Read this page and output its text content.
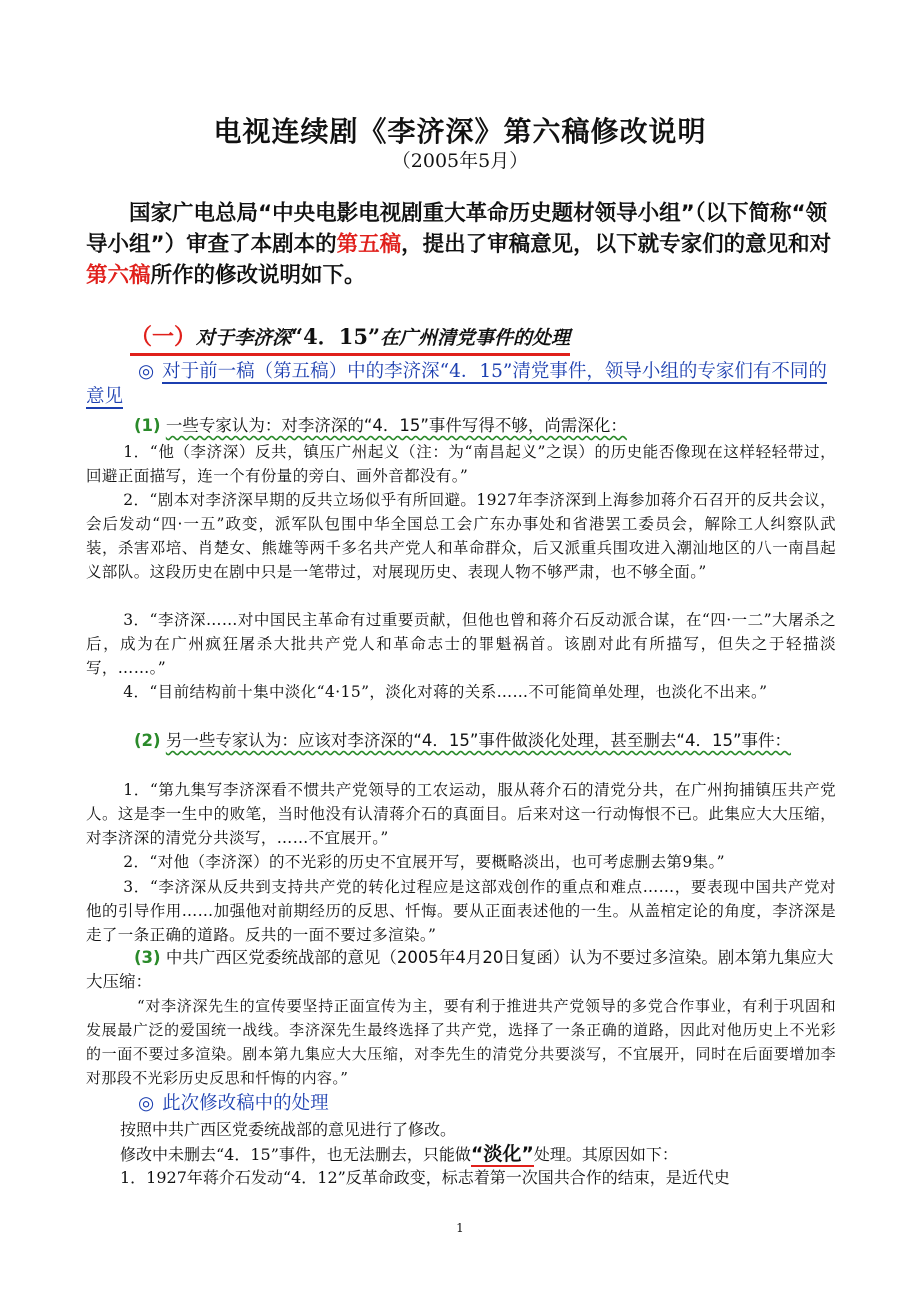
电视连续剧《李济深》第六稿修改说明
（2005年5月）
国家广电总局“中央电影电视剧重大革命历史题材领导小组”（以下简称“领导小组”）审查了本剧本的第五稿，提出了审稿意见，以下就专家们的意见和对第六稿所作的修改说明如下。
（一）对于李济深“4．15”在广州清党事件的处理
◎ 对于前一稿（第五稿）中的李济深“4．15”清党事件，领导小组的专家们有不同的意见
(1) 一些专家认为：对李济深的“4．15”事件写得不够，尚需深化：
1．“他（李济深）反共，镇压广州起义（注：为“南昌起义”之误）的历史能否像现在这样轻轻带过，回避正面描写，连一个有份量的旁白、画外音都没有。”
2．“剧本对李济深早期的反共立场似乎有所回避。1927年李济深到上海参加蒋介石召开的反共会议，会后发动“四·一五”政变，派军队包围中华全国总工会广东办事处和省港罢工委员会，解除工人纠察队武装，杀害邓培、肖楚女、熊雄等两千多名共产党人和革命群众，后又派重兵围攻进入潮汕地区的八一南昌起义部队。这段历史在剧中只是一笔带过，对展现历史、表现人物不够严肃，也不够全面。”
3．“李济深……对中国民主革命有过重要贡献，但他也曾和蒋介石反动派合谋，在“四·一二”大屠杀之后，成为在广州疯狂屠杀大批共产党人和革命志士的罪魁祸首。该剧对此有所描写，但失之于轻描淡写，……。”
4．“目前结构前十集中淡化“4·15”，淡化对蒋的关系……不可能简单处理，也淡化不出来。”
(2) 另一些专家认为：应该对李济深的“4．15”事件做淡化处理，甚至删去“4．15”事件：
1．“第九集写李济深看不惯共产党领导的工农运动，服从蒋介石的清党分共，在广州拘捕镇压共产党人。这是李一生中的败笔，当时他没有认清蒋介石的真面目。后来对这一行动悔恨不已。此集应大大压缩，对李济深的清党分共淡写，……不宜展开。”
2．“对他（李济深）的不光彩的历史不宜展开写，要概略淡出，也可考虑删去第9集。”
3．“李济深从反共到支持共产党的转化过程应是这部戏创作的重点和难点……，要表现中国共产党对他的引导作用……加强他对前期经历的反思、忏悔。要从正面表述他的一生。从盖棺定论的角度，李济深是走了一条正确的道路。反共的一面不要过多渲染。”
(3) 中共广西区党委统战部的意见（2005年4月20日复函）认为不要过多渲染。剧本第九集应大大压缩：
“对李济深先生的宣传要坚持正面宣传为主，要有利于推进共产党领导的多党合作事业，有利于巩固和发展最广泛的爱国统一战线。李济深先生最终选择了共产党，选择了一条正确的道路，因此对他历史上不光彩的一面不要过多渲染。剧本第九集应大大压缩，对李先生的清党分共要淡写，不宜展开，同时在后面要增加李对那段不光彩历史反思和忏悔的内容。”
◎ 此次修改稿中的处理
按照中共广西区党委统战部的意见进行了修改。
修改中未删去“4．15”事件，也无法删去，只能做“淡化”处理。其原因如下：
1．1927年蒋介石发动“4．12”反革命政变，标志着第一次国共合作的结束，是近代史
1
